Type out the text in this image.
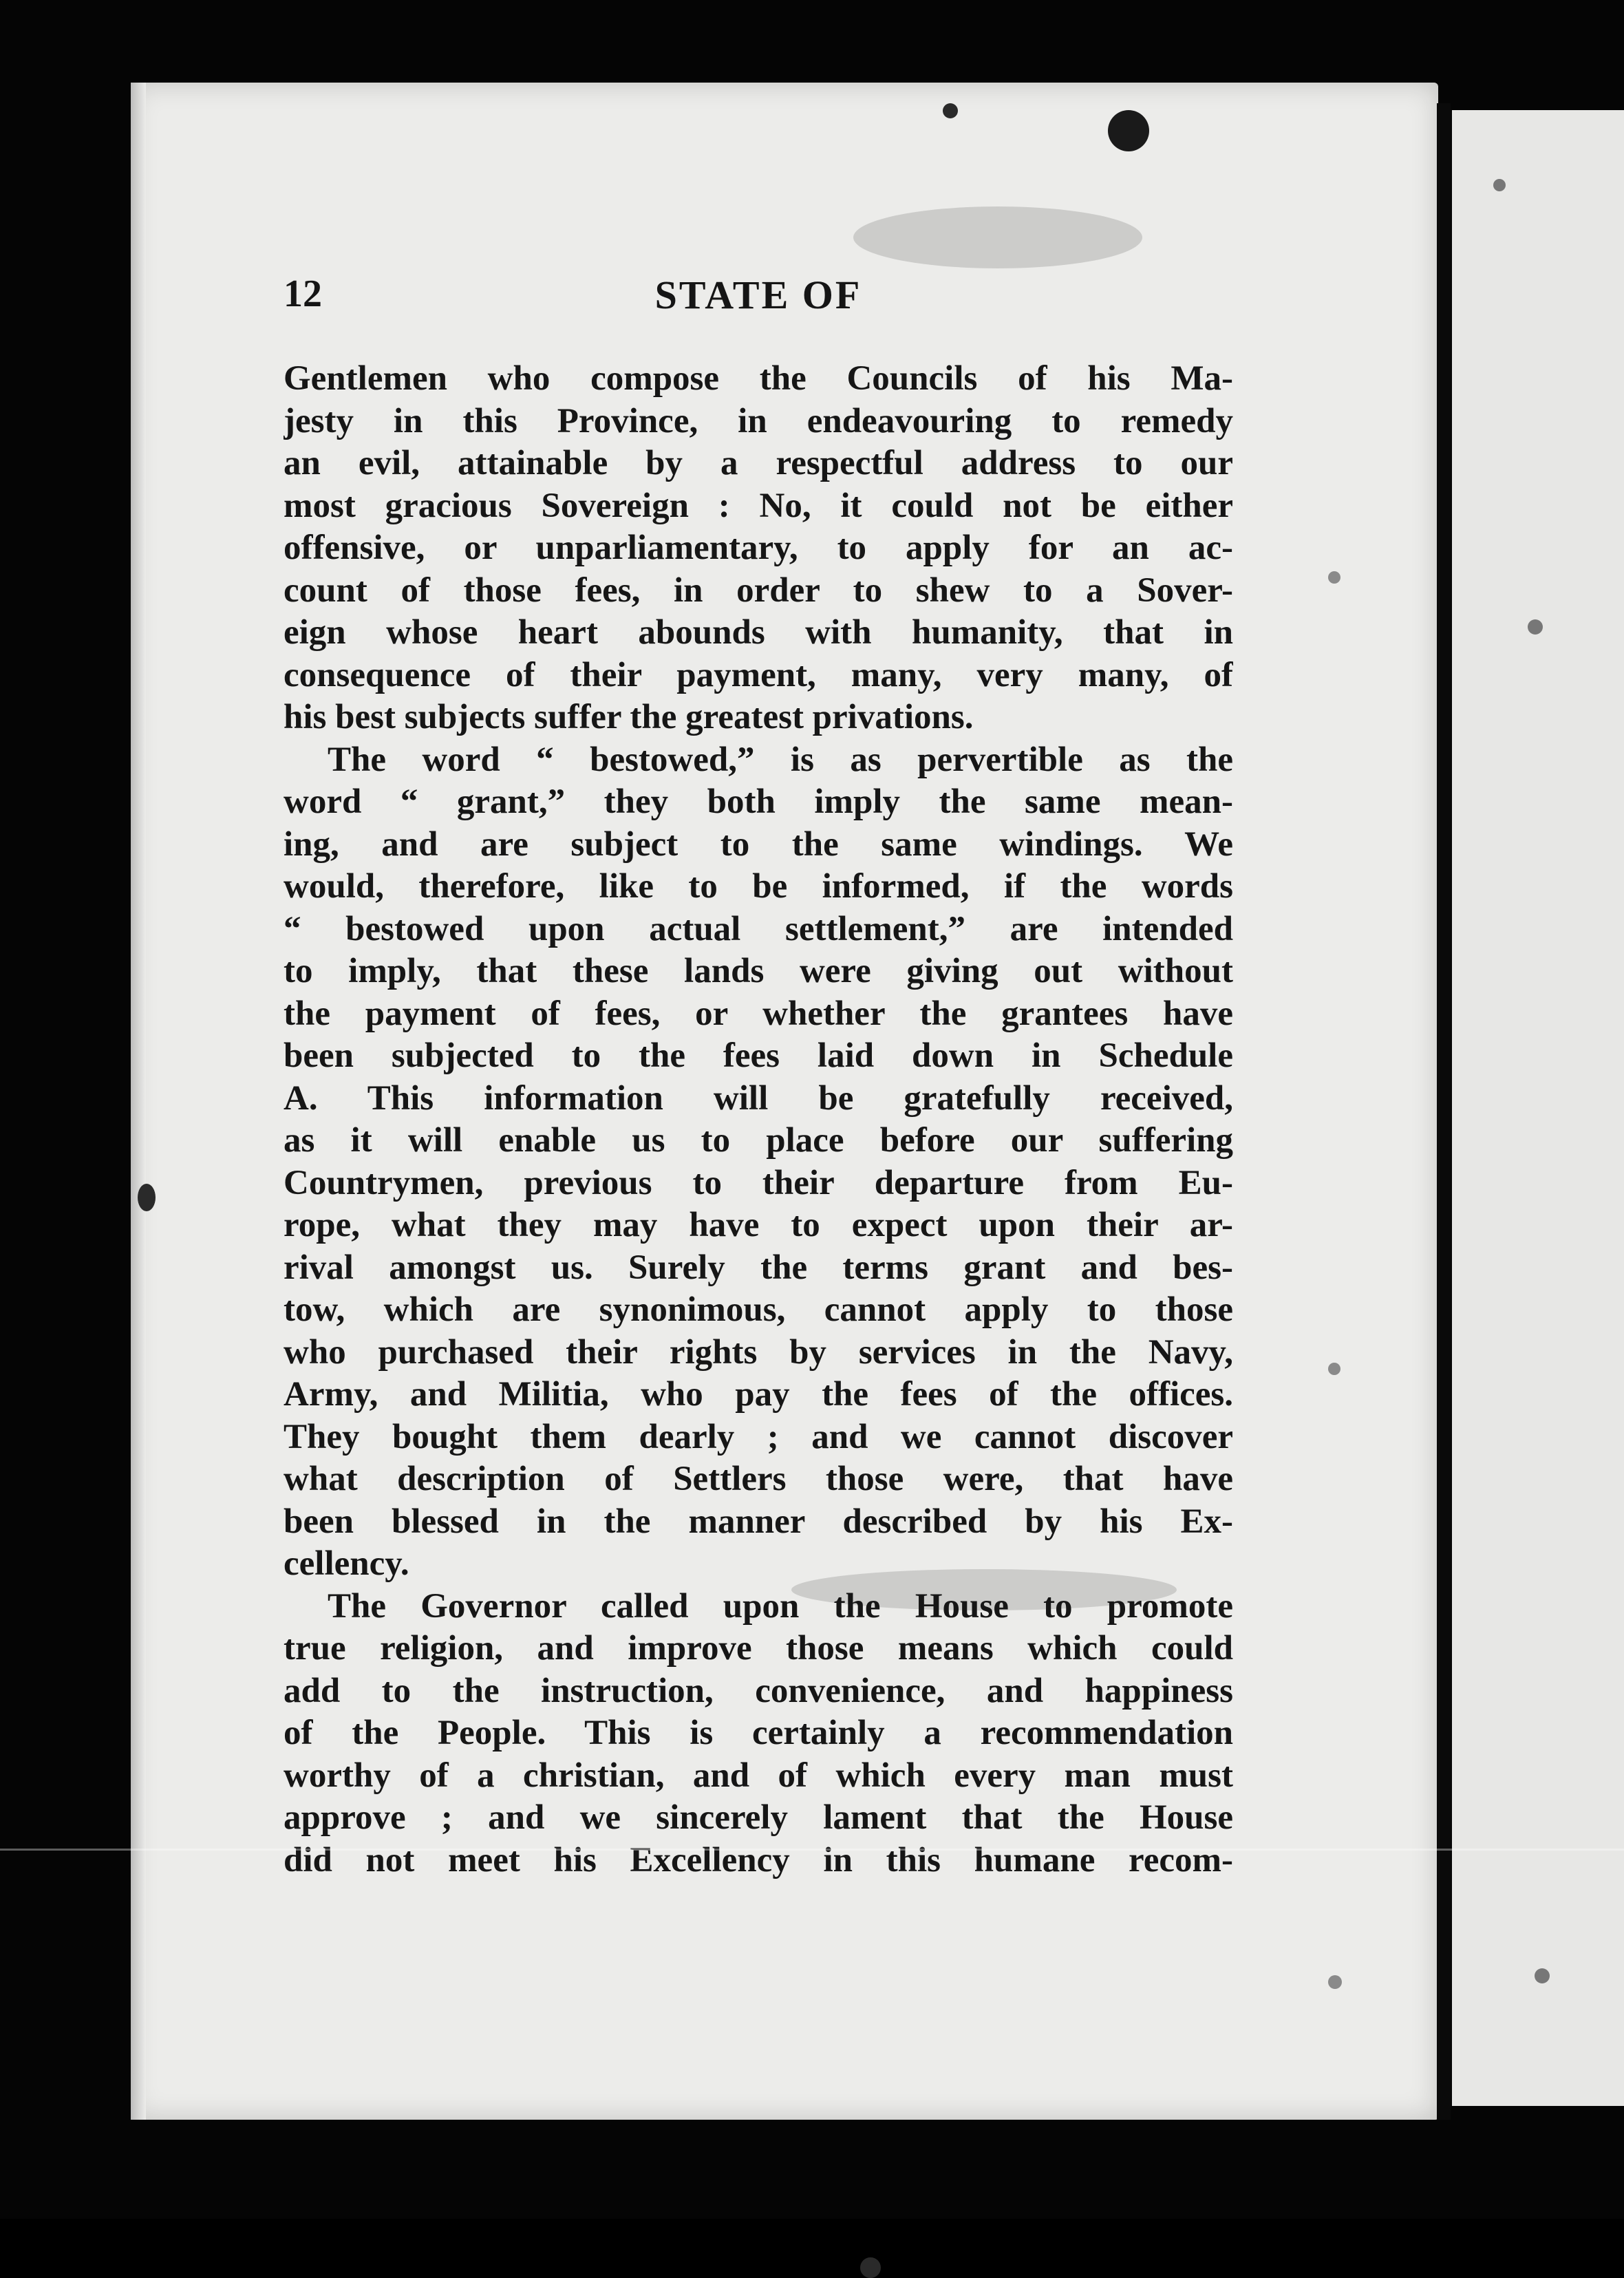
12	STATE OF
Gentlemen who compose the Councils of his Ma-
jesty in this Province, in endeavouring to remedy
an evil, attainable by a respectful address to our
most gracious Sovereign : No, it could not be either
offensive, or unparliamentary, to apply for an ac-
count of those fees, in order to shew to a Sover-
eign whose heart abounds with humanity, that in
consequence of their payment, many, very many, of
his best subjects suffer the greatest privations.
The word “ bestowed,” is as pervertible as the
word “ grant,” they both imply the same mean-
ing, and are subject to the same windings. We
would, therefore, like to be informed, if the words
“ bestowed upon actual settlement,” are intended
to imply, that these lands were giving out without
the payment of fees, or whether the grantees have
been subjected to the fees laid down in Schedule
A. This information will be gratefully received,
as it will enable us to place before our suffering
Countrymen, previous to their departure from Eu-
rope, what they may have to expect upon their ar-
rival amongst us. Surely the terms grant and bes-
tow, which are synonimous, cannot apply to those
who purchased their rights by services in the Navy,
Army, and Militia, who pay the fees of the offices.
They bought them dearly ; and we cannot discover
what description of Settlers those were, that have
been blessed in the manner described by his Ex-
cellency.
The Governor called upon the House to promote
true religion, and improve those means which could
add to the instruction, convenience, and happiness
of the People. This is certainly a recommendation
worthy of a christian, and of which every man must
approve ; and we sincerely lament that the House
did not meet his Excellency in this humane recom-
